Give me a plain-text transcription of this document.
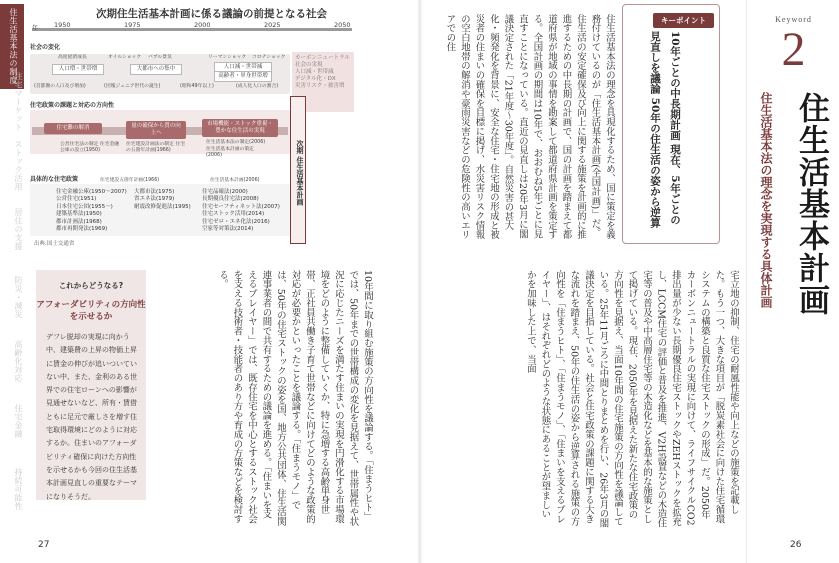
住生活基本法の制度
住宅マーケット
ストック活用
居住の支援
防災・減災
高齢化対応
住宅金融
持続可能性
次期住生活基本計画に係る議論の前提となる社会
年 1950	1975	2000	2025	2050
社会の変化
高度経済成長	オイルショック バブル景気	リーマンショック コロナショック
人口増・世帯増	大都市への集中	人口減・世帯減
高齢者・単身世帯増
(首都圏の人口及び増加)	(団塊ジュニア世代の誕生)	(昭和49年以上)	(成人化人口の割合)
カーボンニュートラル
社会の実現
人口減・世帯減
デジタル化・DX
災害リスク・被害増
住宅政策の課題と対応の方向性
住宅難の解消	量の確保から質の向上へ
市場機能・ストック重視・豊かな住生活の実現
公営住宅法の制定 住宅金融公庫の設立(1950)
住宅建設計画法の制定 住宅の五箇年計画(1966)
住生活基本法の制定(2006)
住生活基本計画の策定(2006)	次期 住生活基本計画
具体的な住宅政策	住宅建設五箇年計画(1966)	住生活基本計画(2006)
住宅金融公庫(1950〜2007)
公営住宅(1951)
日本住宅公団(1955〜)
建築基準法(1950)
都市計画法(1968)
都市再開発法(1969)
大都市法(1975)
省エネ法(1979)
耐震改修促進法(1995)
住宅品確法(2000)
長期優良住宅法(2008)
住宅セーフティネット法(2007)
住宅ストック活用(2014)
住宅ゼロ・エネ化法(2016)
空家等対策法(2014)
出典:国土交通省
これからどうなる?
アフォーダビリティの方向性を示せるか
デフレ脱却の実現に向かう中、建築費の上昇の物価上昇に賃金の伸びが追いついていない中、また、金利のある世界での住宅ローンへの影響が見通せないなど、所有・賃借ともに足元で厳しさを増す住宅取得環境にどのように対応するか。住まいのアフォーダビリティ確保に向けた方向性を示せるかも今回の住生活基本計画見直しの重要なテーマになりそうだ。	10年間に取り組む施策の方向性を議論する。「住まうヒト」では、50年までの世帯構成の変化を見据えて、世帯属性や状況に応じたニーズを満たす住まいの実現を円滑化する市場環境をどのように整備していくか、特に急増する高齢単身世帯、正社員共働き子育て世帯などに向けてどのような政策的対応が必要かといったことを議論する。「住まうモノ」では、50年の住宅ストックの姿を国、地方公共団体、住生活関連事業者の間で共有するための議論を進める。「住まいを支えるプレイヤー」では、既存住宅を中心とするストック社会を支える技術者・技能者のあり方や育成の方策などを検討する。

27

住生活基本法の理念を具現化するため、国に策定を義務付けているのが「住生活基本計画(全国計画)」だ。住生活の安定確保及び向上に関する施策を計画的に推進するための中長期の計画で、国の計画を踏まえて都道府県が地域の事情を勘案して都道府県計画を策定する。全国計画の期間は10年で、おおむね5年ごとに見直すことになっている。直近の見直しは20年3月に閣議決定された「21年度〜30年度」。自然災害の甚大化・頻発化を背景に、安全な住宅・住宅地の形成と被災者の住まいの確保を目標に掲げ、水災害リスク情報の空白地帯の解消や豪雨災害などの危険性の高いエリアでの住	キーポイント
10年ごとの中長期計画 現在、5年ごとの見直しを議論 50年の住生活の姿から逆算

宅立地の抑制、住宅の耐風性能や向上などの施策を記載した。もう一つ、大きな項目が「脱炭素社会に向けた住宅循環システムの構築と良質な住宅ストックの形成」だ。2050年カーボンニュートラルの実現に向けて、ライフサイクルCO2排出量が少ない長期優良住宅ストックやZEHストックを拡充し、LCCM住宅の評価と普及を推進、V2H設置などの木造住宅等の普及や中高層住宅等の木造化などを基本的な施策として掲げている。現在、2050年を見据えた新たな住宅政策の方向性を見据え、当面10年間の住宅施策の方向性を議論している。25年11月ごろに中間とりまとめを行い、26年3月の閣議決定を目指している。社会と住宅政策の課題に関する大きな流れを踏まえ、50年の住生活の姿から逆算される施策の方向性を「住まうヒト」、「住まうモノ」、「住まいを支えるプレイヤー」、はそれぞれどのような状態にあることが望ましいかを加味した上で、当面

Keyword
2
住生活基本法の理念を実現する具体計画 住生活基本計画
26
